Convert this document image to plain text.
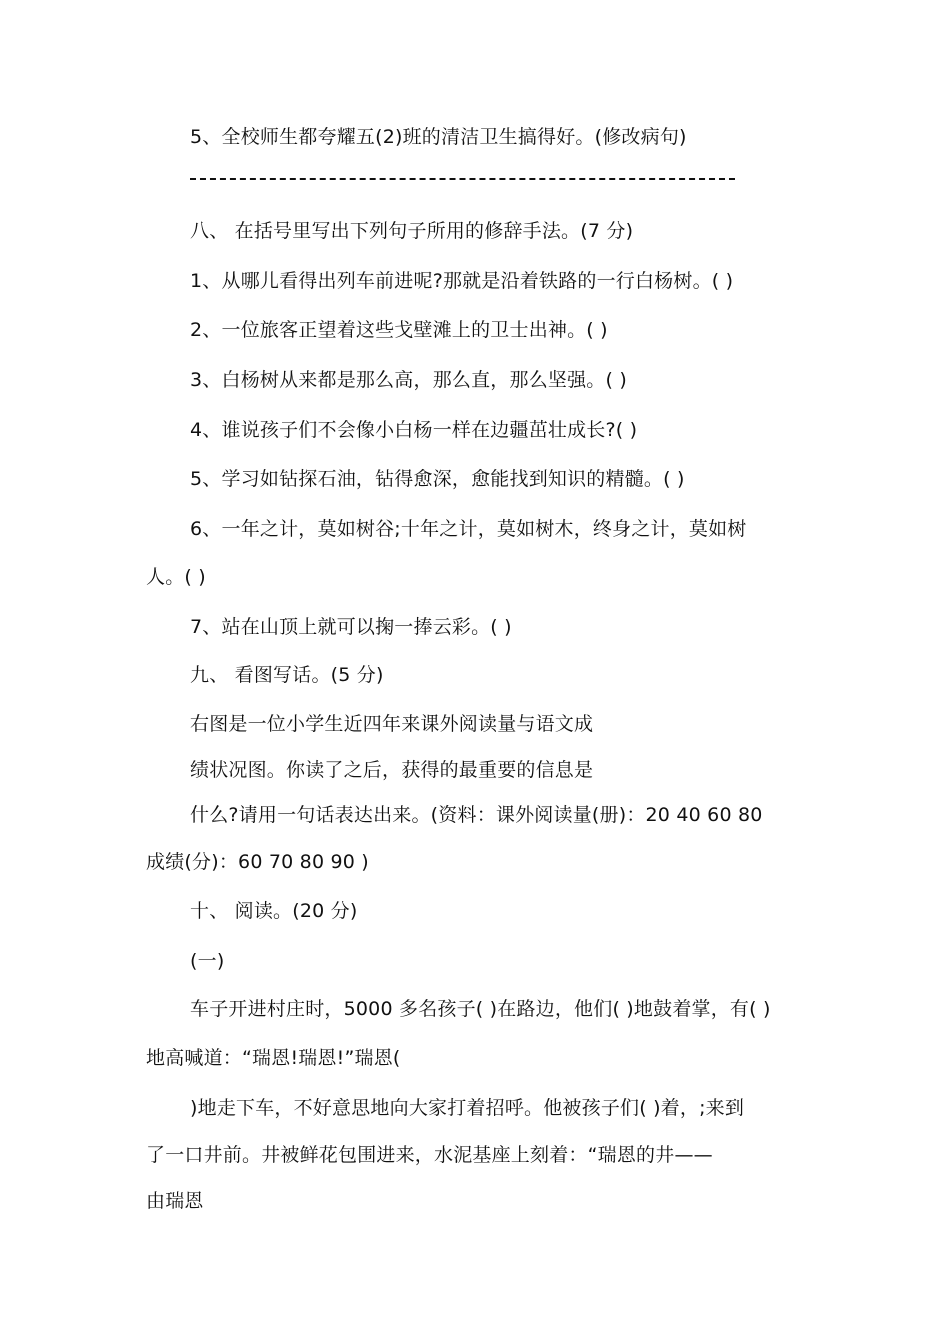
5、全校师生都夸耀五(2)班的清洁卫生搞得好。(修改病句)
八、 在括号里写出下列句子所用的修辞手法。(7 分)
1、从哪儿看得出列车前进呢?那就是沿着铁路的一行白杨树。( )
2、一位旅客正望着这些戈壁滩上的卫士出神。( )
3、白杨树从来都是那么高，那么直，那么坚强。( )
4、谁说孩子们不会像小白杨一样在边疆茁壮成长?( )
5、学习如钻探石油，钻得愈深，愈能找到知识的精髓。( )
6、一年之计，莫如树谷;十年之计，莫如树木，终身之计，莫如树
人。( )
7、站在山顶上就可以掬一捧云彩。( )
九、 看图写话。(5 分)
右图是一位小学生近四年来课外阅读量与语文成
绩状况图。你读了之后，获得的最重要的信息是
什么?请用一句话表达出来。(资料：课外阅读量(册)：20 40 60 80
成绩(分)：60 70 80 90 )
十、 阅读。(20 分)
(一)
车子开进村庄时，5000 多名孩子( )在路边，他们( )地鼓着掌，有( )
地高喊道：“瑞恩!瑞恩!”瑞恩(
)地走下车，不好意思地向大家打着招呼。他被孩子们( )着，;来到
了一口井前。井被鲜花包围进来，水泥基座上刻着：“瑞恩的井——
由瑞恩
